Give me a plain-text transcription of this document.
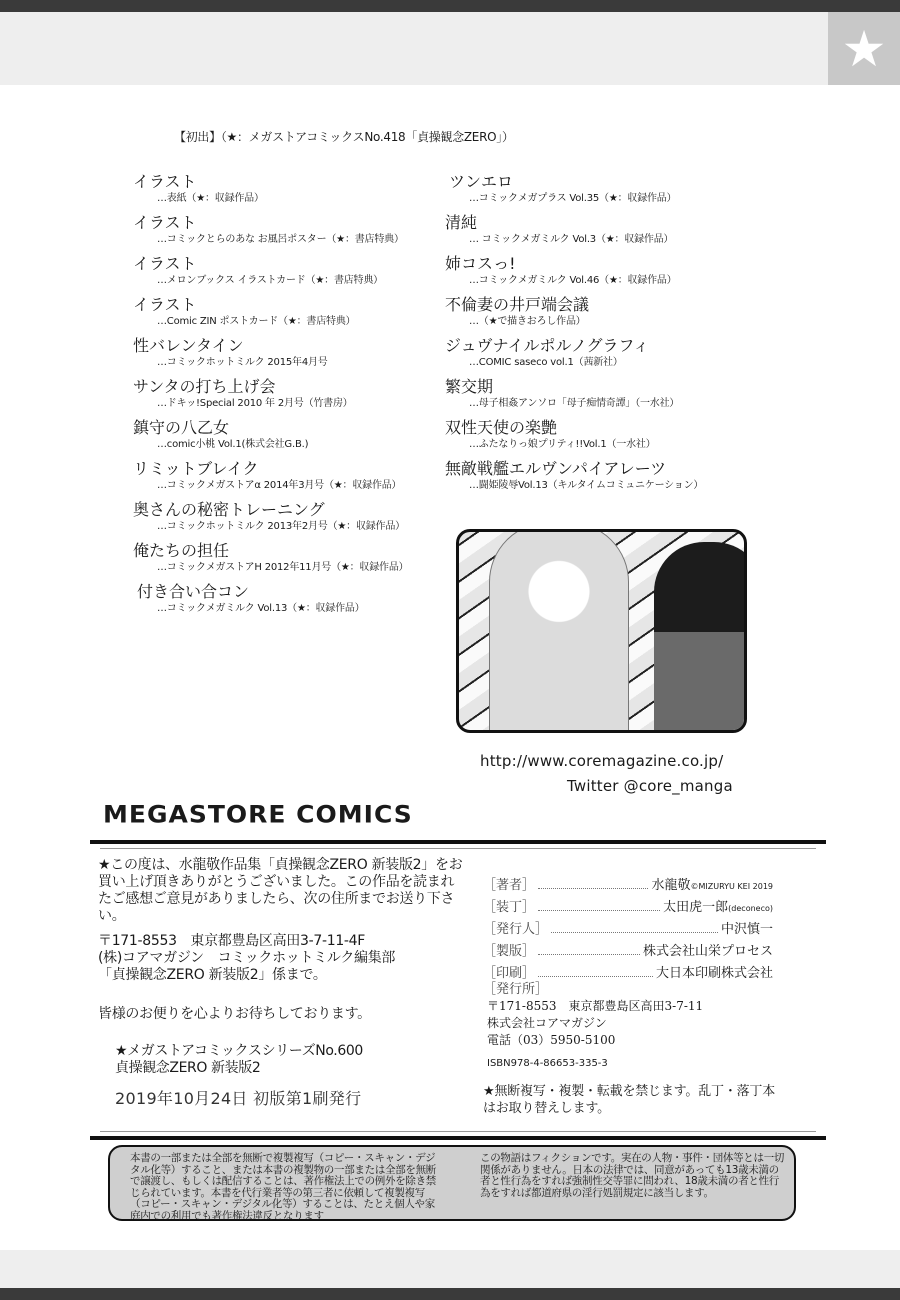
★
【初出】（★：メガストアコミックスNo.418「貞操観念ZERO」）
イラスト
…表紙（★：収録作品）
イラスト
…コミックとらのあな お風呂ポスター（★：書店特典）
イラスト
…メロンブックス イラストカード（★：書店特典）
イラスト
…Comic ZIN ポストカード（★：書店特典）
性バレンタイン
…コミックホットミルク 2015年4月号
サンタの打ち上げ会
…ドキッ!Special 2010 年 2月号（竹書房）
鎮守の八乙女
…comic小桃 Vol.1(株式会社G.B.)
リミットブレイク
…コミックメガストアα 2014年3月号（★：収録作品）
奥さんの秘密トレーニング
…コミックホットミルク 2013年2月号（★：収録作品）
俺たちの担任
…コミックメガストアH 2012年11月号（★：収録作品）
付き合い合コン
…コミックメガミルク Vol.13（★：収録作品）
ツンエロ
…コミックメガプラス Vol.35（★：収録作品）
清純
… コミックメガミルク Vol.3（★：収録作品）
姉コスっ!
…コミックメガミルク Vol.46（★：収録作品）
不倫妻の井戸端会議
…（★で描きおろし作品）
ジュヴナイルポルノグラフィ
…COMIC saseco vol.1（茜新社）
繁交期
…母子相姦アンソロ「母子痴情奇譚」（一水社）
双性天使の楽艶
…ふたなりっ娘プリティ!!Vol.1（一水社）
無敵戦艦エルヴンパイアレーツ
…闘姫陵辱Vol.13（キルタイムコミュニケーション）
http://www.coremagazine.co.jp/
Twitter @core_manga
MEGASTORE COMICS
★この度は、水龍敬作品集「貞操観念ZERO 新装版2」をお買い上げ頂きありがとうございました。この作品を読まれたご感想ご意見がありましたら、次の住所までお送り下さい。
〒171-8553　東京都豊島区高田3-7-11-4F
(株)コアマガジン　コミックホットミルク編集部
「貞操観念ZERO 新装版2」係まで。
皆様のお便りを心よりお待ちしております。
★メガストアコミックスシリーズNo.600
貞操観念ZERO 新装版2
2019年10月24日 初版第1刷発行
［著者］	水龍敬 ©MIZURYU KEI 2019
［装丁］	太田虎一郎 (deconeco)
［発行人］	中沢慎一
［製版］	株式会社山栄プロセス
［印刷］	大日本印刷株式会社
［発行所］
〒171-8553　東京都豊島区高田3-7-11
株式会社コアマガジン
電話（03）5950-5100
ISBN978-4-86653-335-3
★無断複写・複製・転載を禁じます。乱丁・落丁本はお取り替えします。
本書の一部または全部を無断で複製複写（コピー・スキャン・デジタル化等）すること、または本書の複製物の一部または全部を無断で譲渡し、もしくは配信することは、著作権法上での例外を除き禁じられています。本書を代行業者等の第三者に依頼して複製複写（コピー・スキャン・デジタル化等）することは、たとえ個人や家庭内での利用でも著作権法違反となります
この物語はフィクションです。実在の人物・事件・団体等とは一切関係がありません。日本の法律では、同意があっても13歳未満の者と性行為をすれば強制性交等罪に問われ、18歳未満の者と性行為をすれば都道府県の淫行処罰規定に該当します。
